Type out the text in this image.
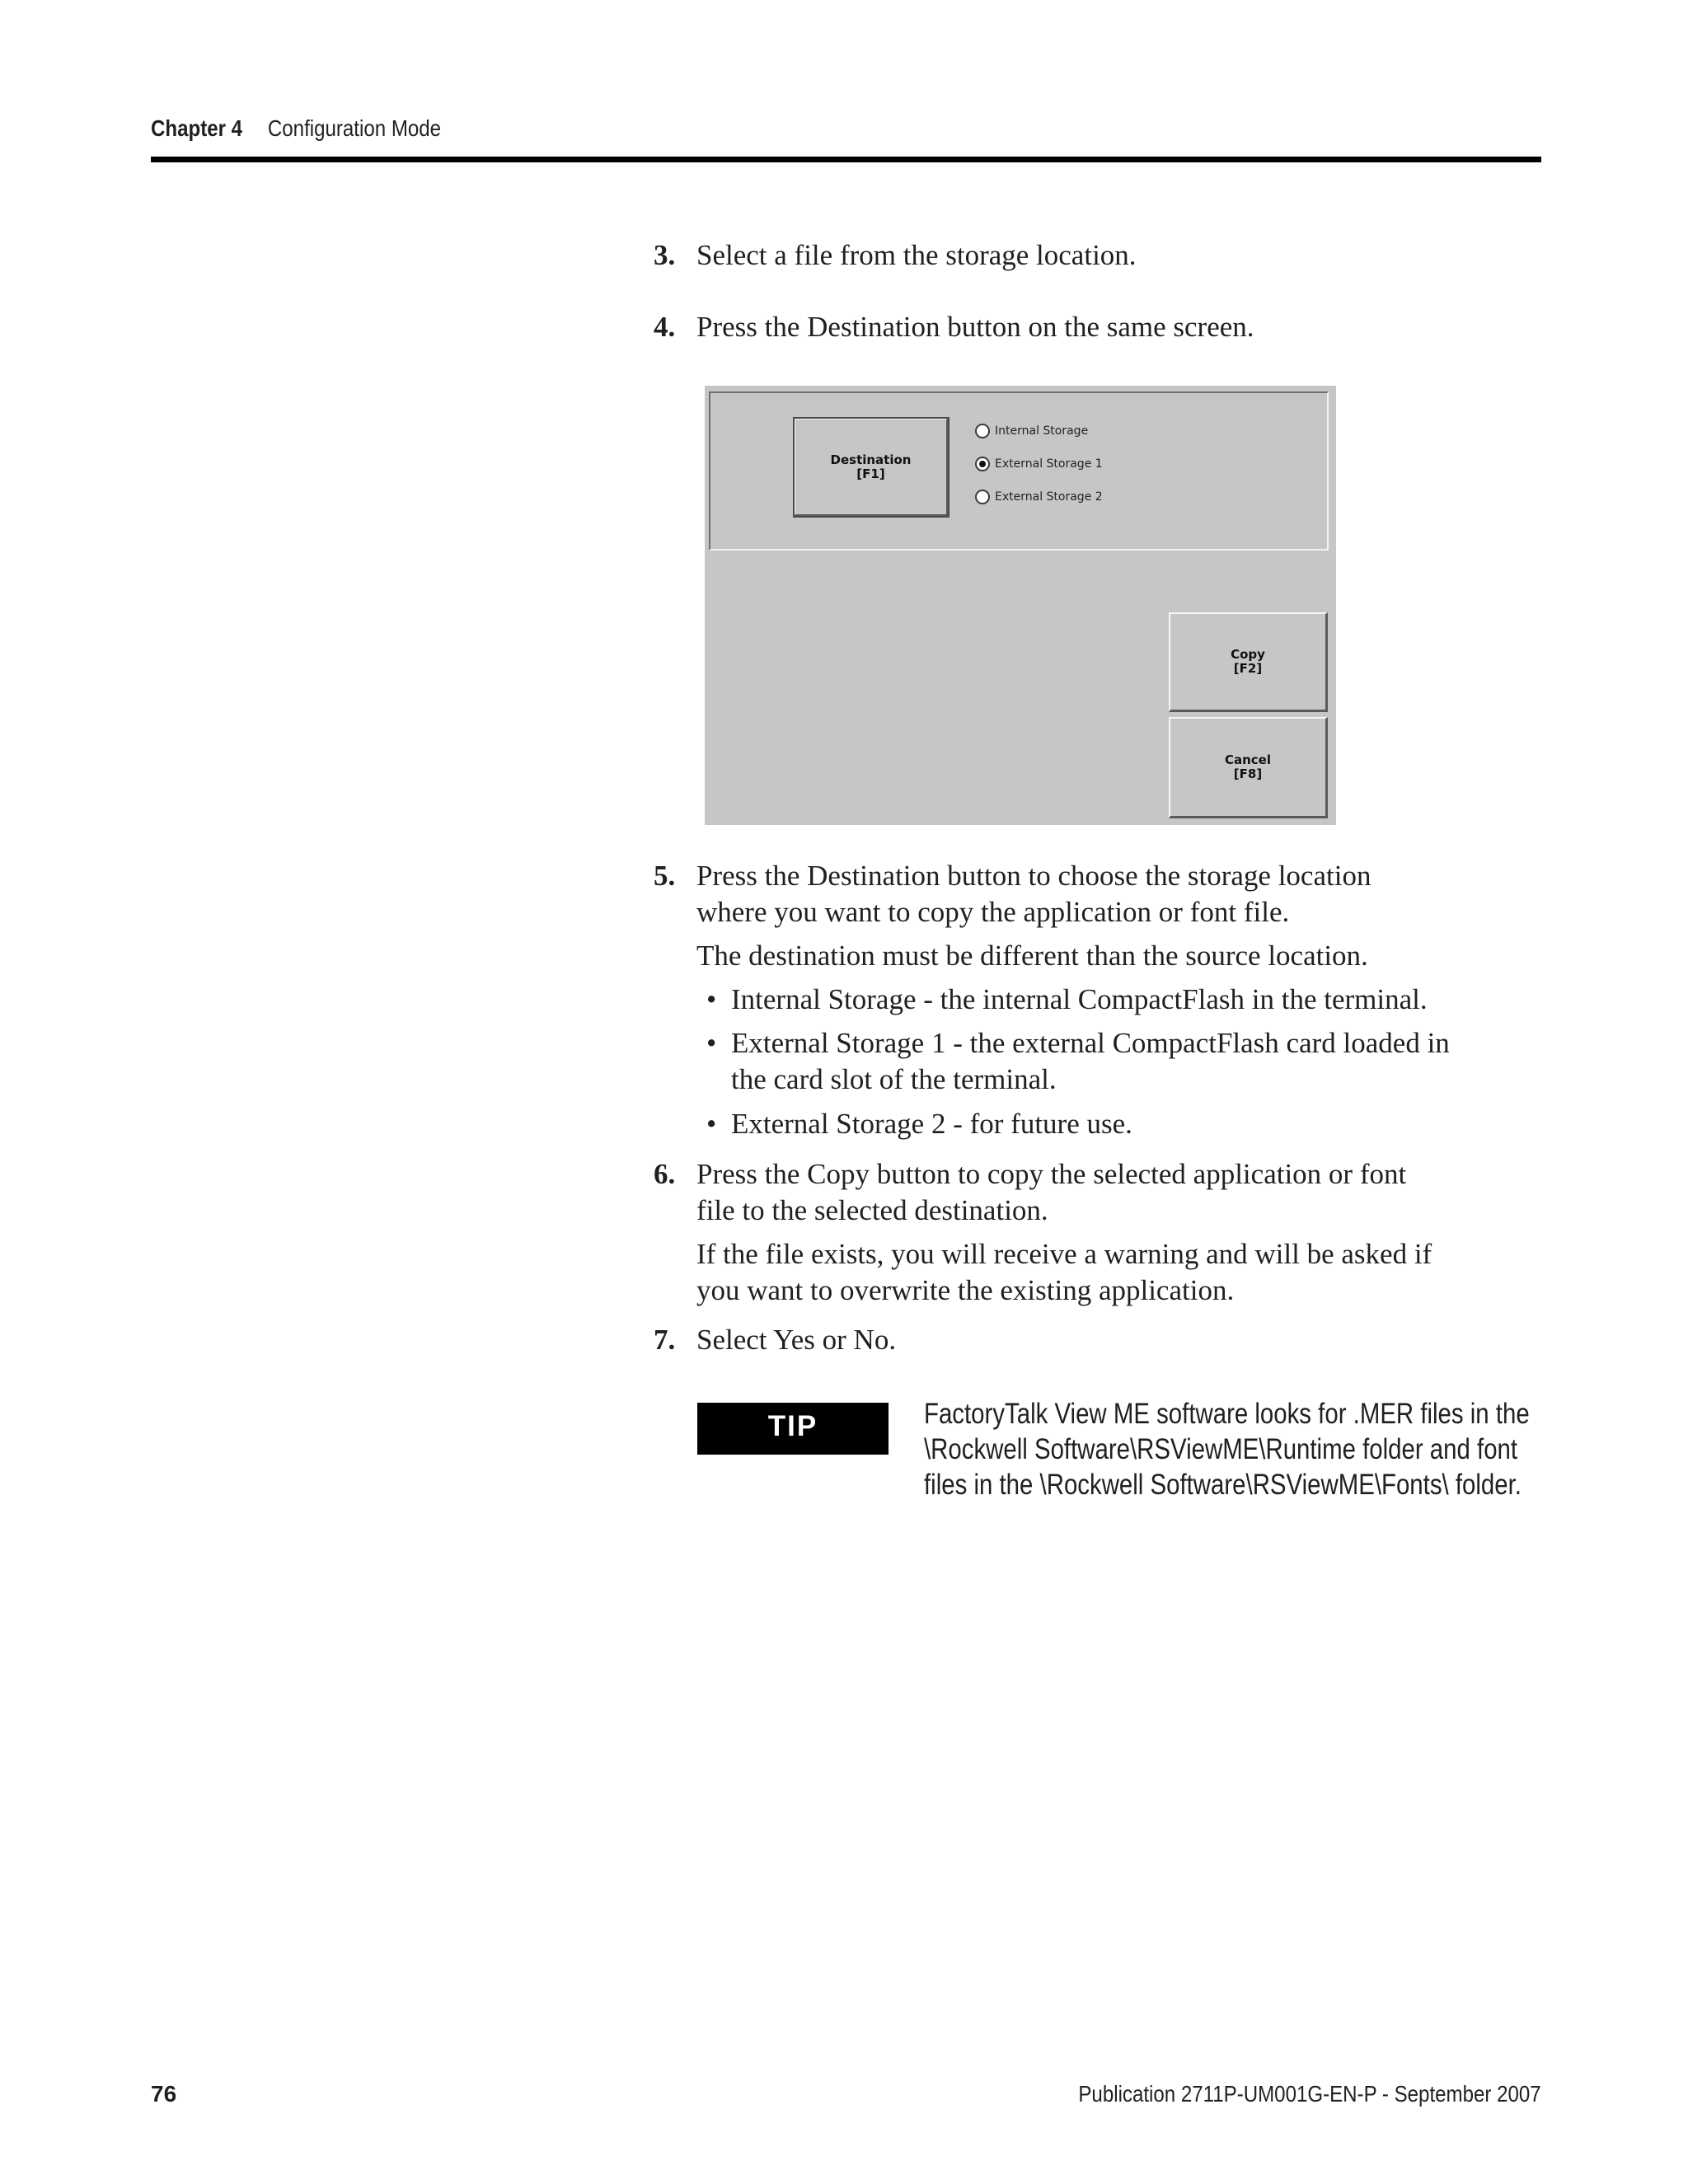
Chapter 4 Configuration Mode
3. Select a file from the storage location.
4. Press the Destination button on the same screen.
Destination
[F1]
Internal Storage
External Storage 1
External Storage 2
Copy
[F2]
Cancel
[F8]
5. Press the Destination button to choose the storage location
where you want to copy the application or font file.
The destination must be different than the source location.
• Internal Storage - the internal CompactFlash in the terminal.
• External Storage 1 - the external CompactFlash card loaded in
the card slot of the terminal.
• External Storage 2 - for future use.
6. Press the Copy button to copy the selected application or font
file to the selected destination.
If the file exists, you will receive a warning and will be asked if
you want to overwrite the existing application.
7. Select Yes or No.
TIP	FactoryTalk View ME software looks for .MER files in the
\Rockwell Software\RSViewME\Runtime folder and font
files in the \Rockwell Software\RSViewME\Fonts\ folder.
76	Publication 2711P-UM001G-EN-P - September 2007
